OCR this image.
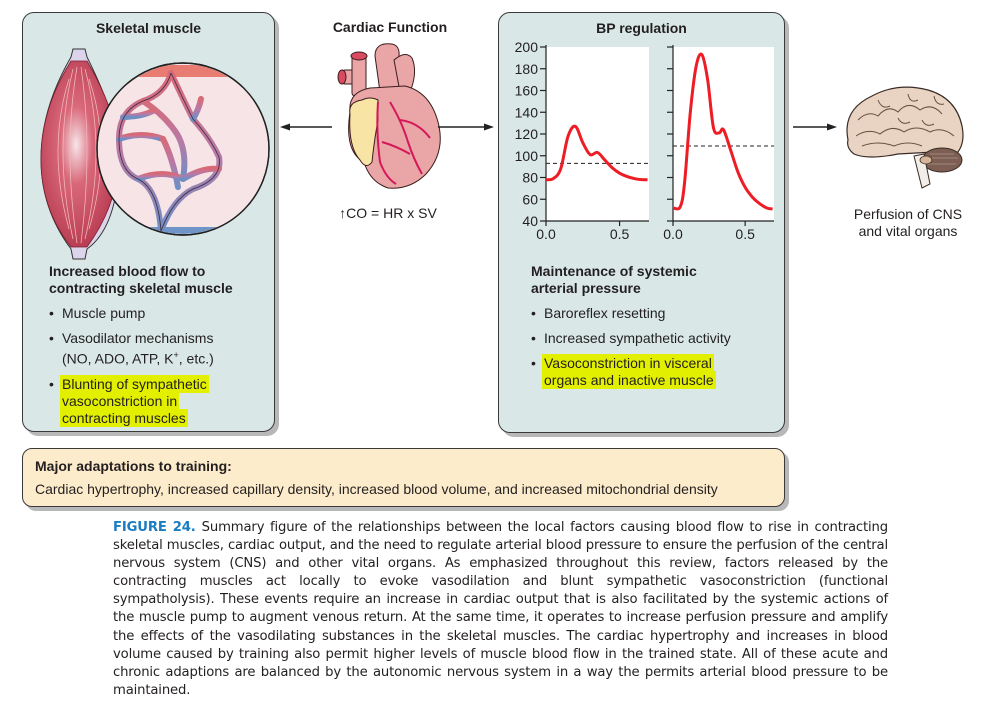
Skeletal muscle
Increased blood flow to
contracting skeletal muscle
• Muscle pump
• Vasodilator mechanisms
(NO, ADO, ATP, K+, etc.)
• Blunting of sympathetic
vasoconstriction in
contracting muscles
Cardiac Function
↑CO = HR x SV
BP regulation
40
60
80
100
120
140
160
180
200
0.0	0.5 0.0	0.5
Maintenance of systemic
arterial pressure
• Baroreflex resetting
• Increased sympathetic activity
• Vasoconstriction in visceral
organs and inactive muscle
Perfusion of CNS
and vital organs
Major adaptations to training:
Cardiac hypertrophy, increased capillary density, increased blood volume, and increased mitochondrial density
FIGURE 24. Summary figure of the relationships between the local factors causing blood flow to rise in contracting skeletal muscles, cardiac output, and the need to regulate arterial blood pressure to ensure the perfusion of the central nervous system (CNS) and other vital organs. As emphasized throughout this review, factors released by the contracting muscles act locally to evoke vasodilation and blunt sympathetic vasoconstriction (functional sympatholysis). These events require an increase in cardiac output that is also facilitated by the systemic actions of the muscle pump to augment venous return. At the same time, it operates to increase perfusion pressure and amplify the effects of the vasodilating substances in the skeletal muscles. The cardiac hypertrophy and increases in blood volume caused by training also permit higher levels of muscle blood flow in the trained state. All of these acute and chronic adaptions are balanced by the autonomic nervous system in a way the permits arterial blood pressure to be maintained.
